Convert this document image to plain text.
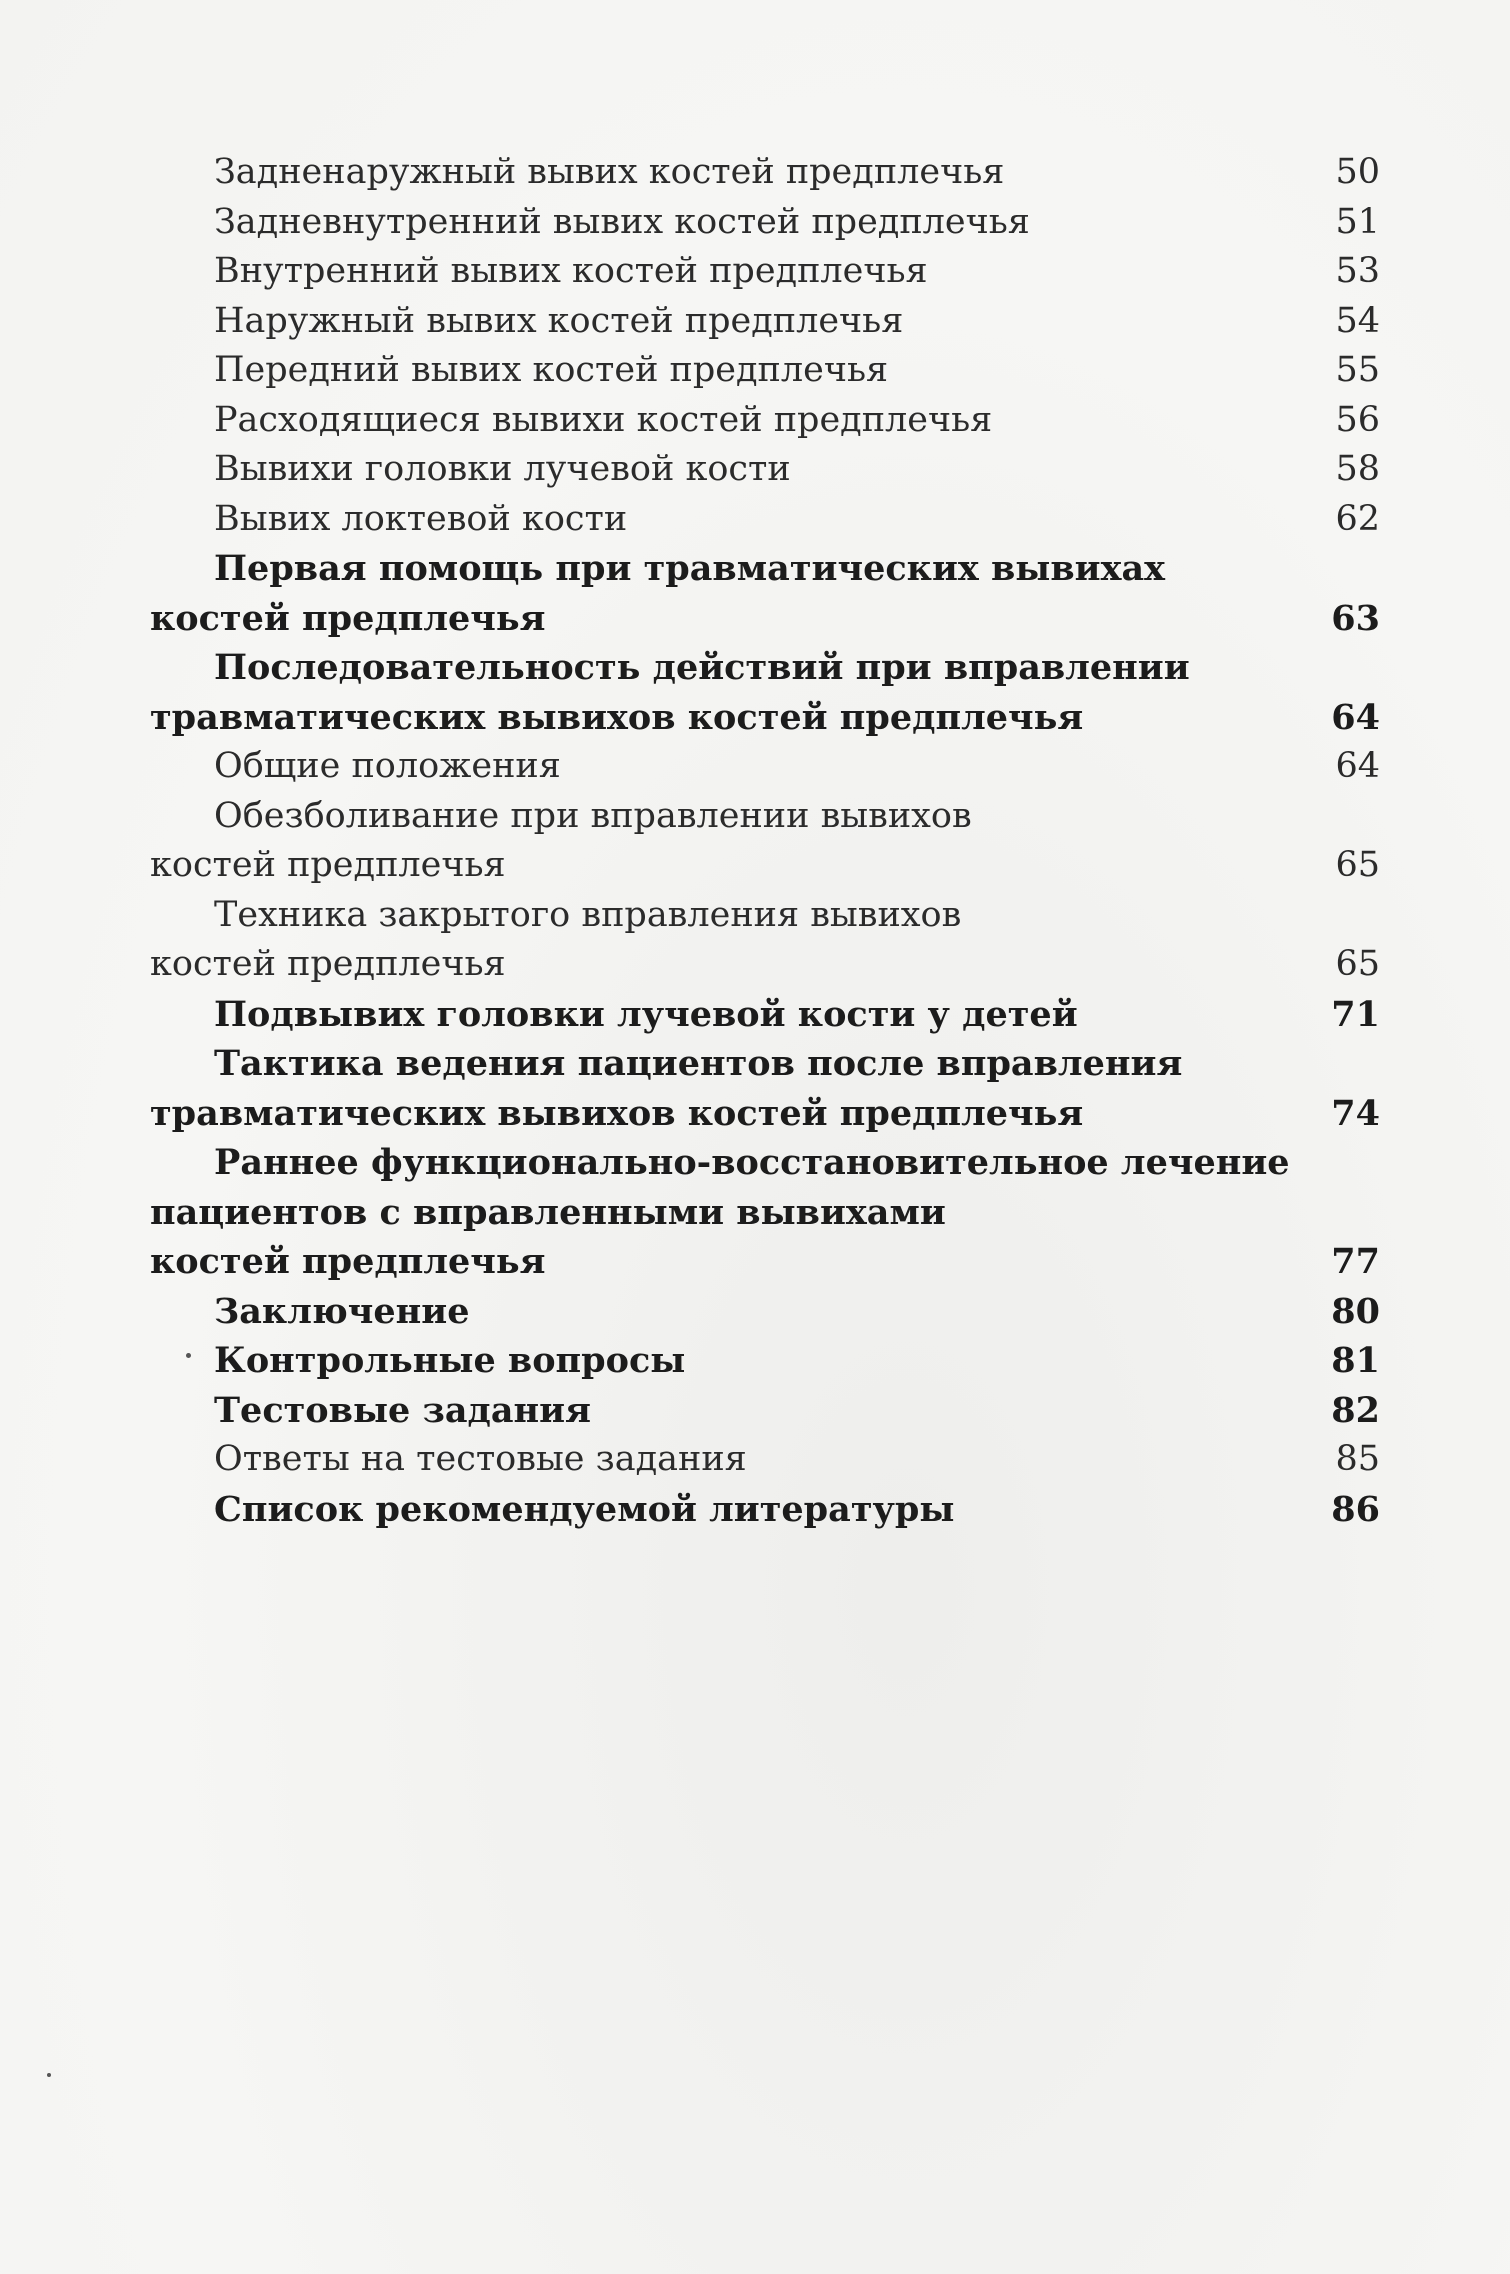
Задненаружный вывих костей предплечья . . .	50
Задневнутренний вывих костей предплечья . . .	51
Внутренний вывих костей предплечья . . .	53
Наружный вывих костей предплечья . . .	54
Передний вывих костей предплечья . . .	55
Расходящиеся вывихи костей предплечья . . .	56
Вывихи головки лучевой кости . . .	58
Вывих локтевой кости . . .	62
Первая помощь при травматических вывихах
костей предплечья . . .	63
Последовательность действий при вправлении
травматических вывихов костей предплечья . . .	64
Общие положения . . .	64
Обезболивание при вправлении вывихов
костей предплечья . . .	65
Техника закрытого вправления вывихов
костей предплечья . . .	65
Подвывих головки лучевой кости у детей . . .	71
Тактика ведения пациентов после вправления
травматических вывихов костей предплечья . . .	74
Раннее функционально-восстановительное лечение
пациентов с вправленными вывихами
костей предплечья . . .	77
Заключение . . .	80
Контрольные вопросы . . .	81
Тестовые задания . . .	82
Ответы на тестовые задания . . .	85
Список рекомендуемой литературы . . .	86
